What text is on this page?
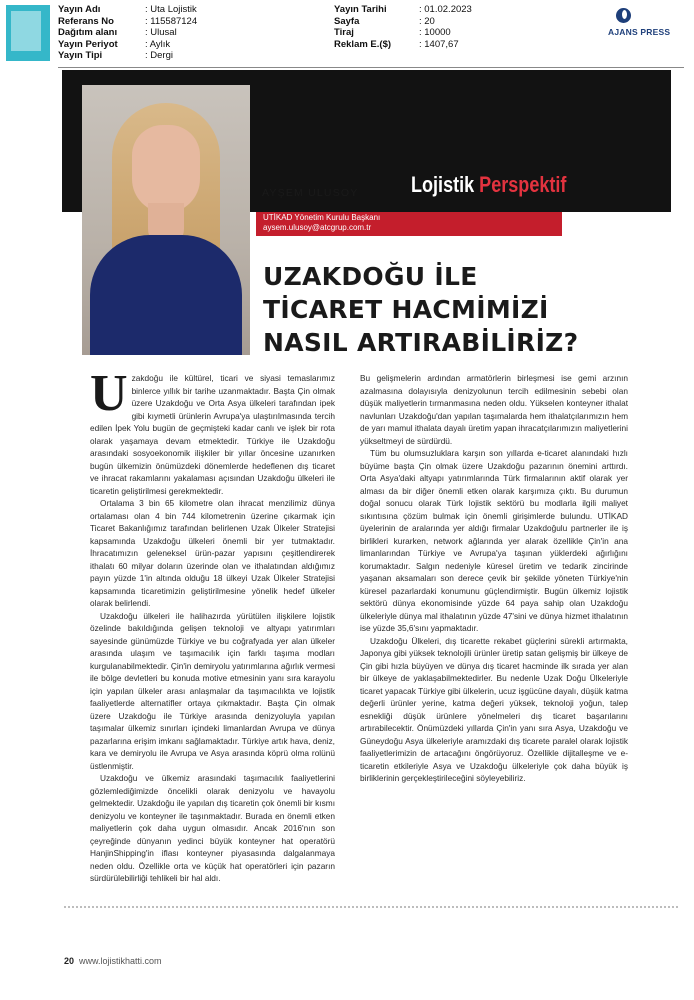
Yayın Adı	: Uta Lojistik
Referans No	: 115587124
Dağıtım alanı	: Ulusal
Yayın Periyot	: Aylık
Yayın Tipi	: Dergi
Yayın Tarihi	: 01.02.2023
Sayfa	: 20
Tiraj	: 10000
Reklam E.($)	: 1407,67
AJANS PRESS
Lojistik Perspektif
AYŞEM ULUSOY
UTİKAD Yönetim Kurulu Başkanı
aysem.ulusoy@atcgrup.com.tr
UZAKDOĞU İLE
TİCARET HACMİMİZİ
NASIL ARTIRABİLİRİZ?

Uzakdoğu ile kültürel, ticari ve siyasi temaslarımız binlerce yıllık bir tarihe uzanmaktadır. Başta Çin olmak üzere Uzakdoğu ve Orta Asya ülkeleri tarafından ipek gibi kıymetli ürünlerin Avrupa'ya ulaştırılmasında tercih edilen İpek Yolu bugün de geçmişteki kadar canlı ve işlek bir rota olarak yaşamaya devam etmektedir. Türkiye ile Uzakdoğu arasındaki sosyoekonomik ilişkiler bir yıllar öncesine uzanırken bugün ülkemizin önümüzdeki dönemlerde hedeflenen dış ticaret ve ihracat rakamlarını yakalaması açısından Uzakdoğu ülkeleri ile ticaretin geliştirilmesi gerekmektedir.

Ortalama 3 bin 65 kilometre olan ihracat menzilimiz dünya ortalaması olan 4 bin 744 kilometrenin üzerine çıkarmak için Ticaret Bakanlığımız tarafından belirlenen Uzak Ülkeler Stratejisi kapsamında Uzakdoğu ülkeleri önemli bir yer tutmaktadır. İhracatımızın geleneksel ürün-pazar yapısını çeşitlendirerek ithalatı 60 milyar doların üzerinde olan ve ithalatından aldığımız payın yüzde 1'in altında olduğu 18 ülkeyi Uzak Ülkeler Stratejisi kapsamında ticaretimizin geliştirilmesine yönelik hedef ülkeler olarak belirlendi.

Uzakdoğu ülkeleri ile halihazırda yürütülen ilişkilere lojistik özelinde bakıldığında gelişen teknoloji ve altyapı yatırımları sayesinde günümüzde Türkiye ve bu coğrafyada yer alan ülkeler arasında ulaşım ve taşımacılık için farklı taşıma modları kurgulanabilmektedir. Çin'in demiryolu yatırımlarına ağırlık vermesi ile bölge devletleri bu konuda motive etmesinin yanı sıra karayolu için yapılan ülkeler arası anlaşmalar da taşımacılıkta ve lojistik faaliyetlerde alternatifler ortaya çıkmaktadır. Başta Çin olmak üzere Uzakdoğu ile Türkiye arasında denizyoluyla yapılan taşımalar ülkemiz sınırları içindeki limanlardan Avrupa ve dünya pazarlarına erişim imkanı sağlamaktadır. Türkiye artık hava, deniz, kara ve demiryolu ile Avrupa ve Asya arasında köprü olma rolünü üstlenmiştir.

Uzakdoğu ve ülkemiz arasındaki taşımacılık faaliyetlerini gözlemlediğimizde öncelikli olarak denizyolu ve havayolu gelmektedir. Uzakdoğu ile yapılan dış ticaretin çok önemli bir kısmı denizyolu ve konteyner ile taşınmaktadır. Burada en önemli etken maliyetlerin çok daha uygun olmasıdır. Ancak 2016'nın son çeyreğinde dünyanın yedinci büyük konteyner hat operatörü HanjinShipping'in iflası konteyner piyasasında dalgalanmaya neden oldu. Özellikle orta ve küçük hat operatörleri için pazarın sürdürülebilirliği tehlikeli bir hal aldı.

Bu gelişmelerin ardından armatörlerin birleşmesi ise gemi arzının azalmasına dolayısıyla denizyolunun tercih edilmesinin sebebi olan düşük maliyetlerin tırmanmasına neden oldu. Yükselen konteyner ithalat navlunları Uzakdoğu'dan yapılan taşımalarda hem ithalatçılarımızın hem de yarı mamul ithalata dayalı üretim yapan ihracatçılarımızın maliyetlerini yükseltmeyi de sürdürdü.

Tüm bu olumsuzluklara karşın son yıllarda e-ticaret alanındaki hızlı büyüme başta Çin olmak üzere Uzakdoğu pazarının önemini arttırdı. Orta Asya'daki altyapı yatırımlarında Türk firmalarının aktif olarak yer alması da bir diğer önemli etken olarak karşımıza çıktı. Bu durumun doğal sonucu olarak Türk lojistik sektörü bu modlarla ilgili maliyet sıkıntısına çözüm bulmak için önemli girişimlerde bulundu. UTİKAD üyelerinin de aralarında yer aldığı firmalar Uzakdoğulu partnerler ile iş birlikleri kurarken, network ağlarında yer alarak özellikle Çin'in ana limanlarından Türkiye ve Avrupa'ya taşınan yüklerdeki ağırlığını korumaktadır. Salgın nedeniyle küresel üretim ve tedarik zincirinde yaşanan aksamaları son derece çevik bir şekilde yöneten Türkiye'nin küresel pazarlardaki konumunu güçlendirmiştir. Bugün ülkemiz lojistik sektörü dünya ekonomisinde yüzde 64 paya sahip olan Uzakdoğu ülkeleriyle dünya mal ithalatının yüzde 47'sini ve dünya hizmet ithalatının ise yüzde 35,6'sını yapmaktadır.

Uzakdoğu Ülkeleri, dış ticarette rekabet güçlerini sürekli artırmakta, Japonya gibi yüksek teknolojili ürünler üretip satan gelişmiş bir ülkeye de Çin gibi hızla büyüyen ve dünya dış ticaret hacminde ilk sırada yer alan bir ülkeye de yaklaşabilmektedirler. Bu nedenle Uzak Doğu Ülkeleriyle ticaret yapacak Türkiye gibi ülkelerin, ucuz işgücüne dayalı, düşük katma değerli ürünler yerine, katma değeri yüksek, teknoloji yoğun, talep esnekliği düşük ürünlere yönelmeleri dış ticaret başarılarını artırabilecektir. Önümüzdeki yıllarda Çin'in yanı sıra Asya, Uzakdoğu ve Güneydoğu Asya ülkeleriyle aramızdaki dış ticarete paralel olarak lojistik faaliyetlerimizin de artacağını öngörüyoruz. Özellikle dijitalleşme ve e-ticaretin etkileriyle Asya ve Uzakdoğu ülkeleriyle çok daha büyük iş birliklerinin gerçekleştirileceğini söyleyebiliriz.

20 www.lojistikhatti.com
